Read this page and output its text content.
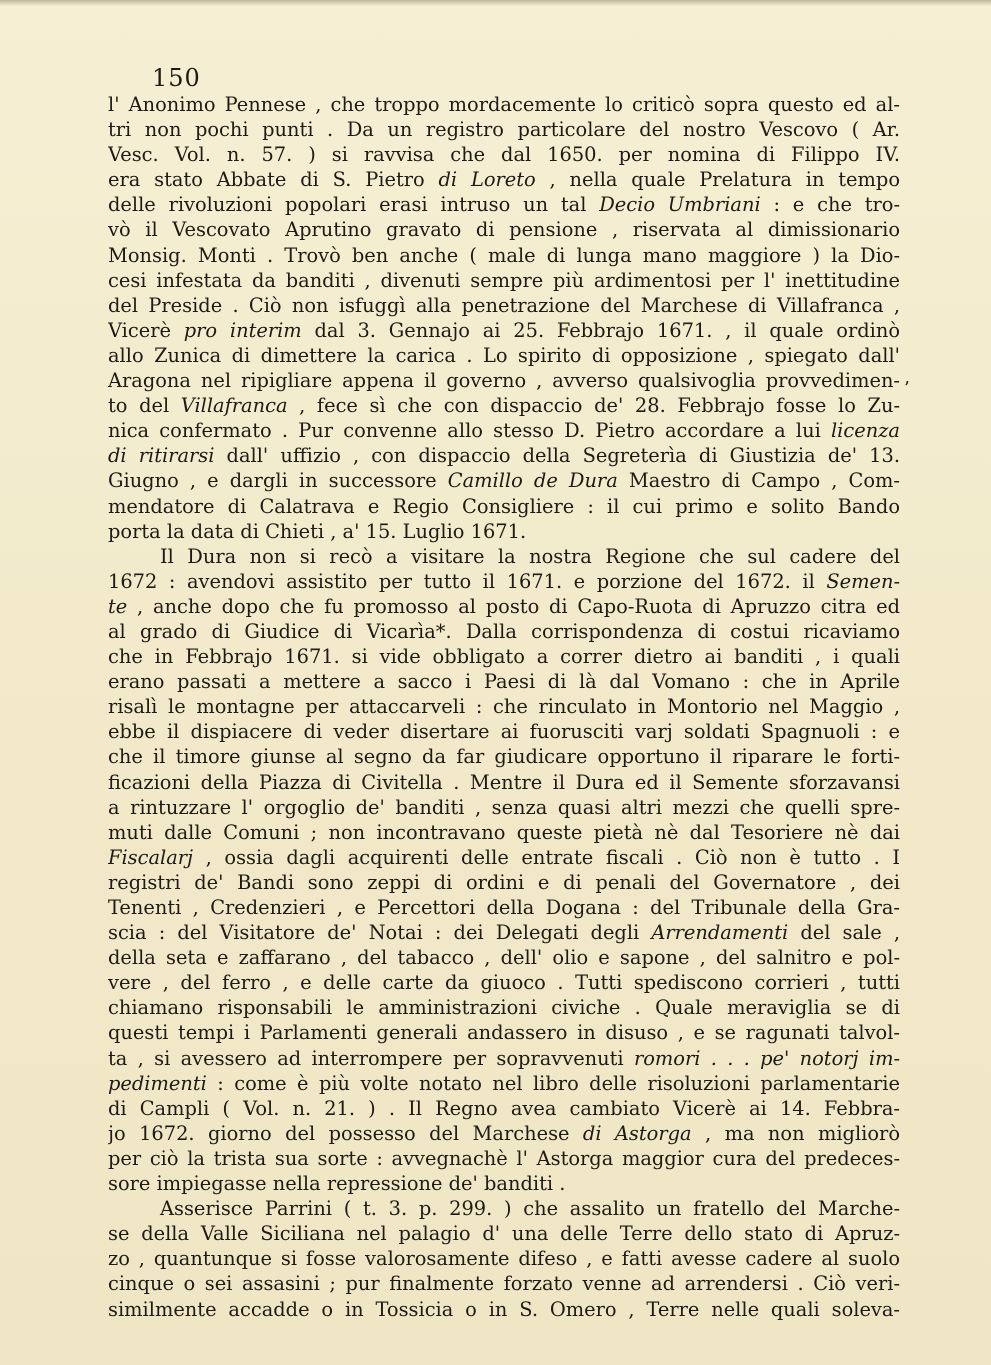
150
’
l' Anonimo Pennese , che troppo mordacemente lo criticò sopra questo ed al-
tri non pochi punti . Da un registro particolare del nostro Vescovo ( Ar.
Vesc. Vol. n. 57. ) si ravvisa che dal 1650. per nomina di Filippo IV.
era stato Abbate di S. Pietro di Loreto , nella quale Prelatura in tempo
delle rivoluzioni popolari erasi intruso un tal Decio Umbriani : e che tro-
vò il Vescovato Aprutino gravato di pensione , riservata al dimissionario
Monsig. Monti . Trovò ben anche ( male di lunga mano maggiore ) la Dio-
cesi infestata da banditi , divenuti sempre più ardimentosi per l' inettitudine
del Preside . Ciò non isfuggì alla penetrazione del Marchese di Villafranca ,
Vicerè pro interim dal 3. Gennajo ai 25. Febbrajo 1671. , il quale ordinò
allo Zunica di dimettere la carica . Lo spirito di opposizione , spiegato dall'
Aragona nel ripigliare appena il governo , avverso qualsivoglia provvedimen-
to del Villafranca , fece sì che con dispaccio de' 28. Febbrajo fosse lo Zu-
nica confermato . Pur convenne allo stesso D. Pietro accordare a lui licenza
di ritirarsi dall' uffizio , con dispaccio della Segreterìa di Giustizia de' 13.
Giugno , e dargli in successore Camillo de Dura Maestro di Campo , Com-
mendatore di Calatrava e Regio Consigliere : il cui primo e solito Bando
porta la data di Chieti , a' 15. Luglio 1671.
Il Dura non si recò a visitare la nostra Regione che sul cadere del
1672 : avendovi assistito per tutto il 1671. e porzione del 1672. il Semen-
te , anche dopo che fu promosso al posto di Capo-Ruota di Apruzzo citra ed
al grado di Giudice di Vicarìa*. Dalla corrispondenza di costui ricaviamo
che in Febbrajo 1671. si vide obbligato a correr dietro ai banditi , i quali
erano passati a mettere a sacco i Paesi di là dal Vomano : che in Aprile
risalì le montagne per attaccarveli : che rinculato in Montorio nel Maggio ,
ebbe il dispiacere di veder disertare ai fuorusciti varj soldati Spagnuoli : e
che il timore giunse al segno da far giudicare opportuno il riparare le forti-
ficazioni della Piazza di Civitella . Mentre il Dura ed il Semente sforzavansi
a rintuzzare l' orgoglio de' banditi , senza quasi altri mezzi che quelli spre-
muti dalle Comuni ; non incontravano queste pietà nè dal Tesoriere nè dai
Fiscalarj , ossia dagli acquirenti delle entrate fiscali . Ciò non è tutto . I
registri de' Bandi sono zeppi di ordini e di penali del Governatore , dei
Tenenti , Credenzieri , e Percettori della Dogana : del Tribunale della Gra-
scia : del Visitatore de' Notai : dei Delegati degli Arrendamenti del sale ,
della seta e zaffarano , del tabacco , dell' olio e sapone , del salnitro e pol-
vere , del ferro , e delle carte da giuoco . Tutti spediscono corrieri , tutti
chiamano risponsabili le amministrazioni civiche . Quale meraviglia se di
questi tempi i Parlamenti generali andassero in disuso , e se ragunati talvol-
ta , si avessero ad interrompere per sopravvenuti romori . . . pe' notorj im-
pedimenti : come è più volte notato nel libro delle risoluzioni parlamentarie
di Campli ( Vol. n. 21. ) . Il Regno avea cambiato Vicerè ai 14. Febbra-
jo 1672. giorno del possesso del Marchese di Astorga , ma non migliorò
per ciò la trista sua sorte : avvegnachè l' Astorga maggior cura del predeces-
sore impiegasse nella repressione de' banditi .
Asserisce Parrini ( t. 3. p. 299. ) che assalito un fratello del Marche-
se della Valle Siciliana nel palagio d' una delle Terre dello stato di Apruz-
zo , quantunque si fosse valorosamente difeso , e fatti avesse cadere al suolo
cinque o sei assasini ; pur finalmente forzato venne ad arrendersi . Ciò veri-
similmente accadde o in Tossicia o in S. Omero , Terre nelle quali soleva-
